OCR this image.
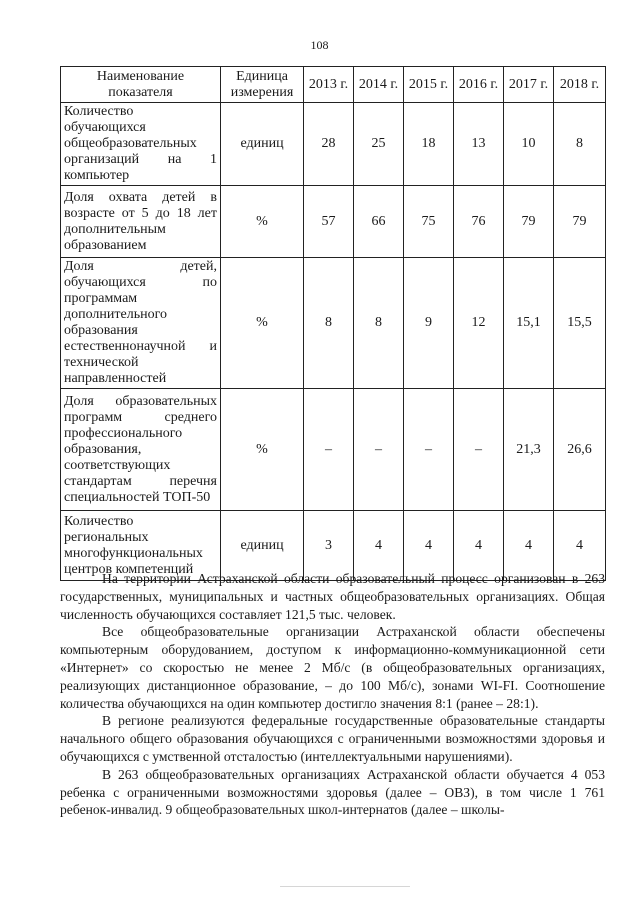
108
Наименование показателя	Единица измерения	2013 г.	2014 г.	2015 г.	2016 г.	2017 г.	2018 г.
Количество обучающихся общеобразовательных организаций на 1 компьютер	единиц	28	25	18	13	10	8
Доля охвата детей в возрасте от 5 до 18 лет дополнительным образованием	%	57	66	75	76	79	79
Доля детей, обучающихся по программам дополнительного образования естественнонаучной и технической направленностей	%	8	8	9	12	15,1	15,5
Доля образовательных программ среднего профессионального образования, соответствующих стандартам перечня специальностей ТОП-50	%	–	–	–	–	21,3	26,6
Количество региональных многофункциональных центров компетенций	единиц	3	4	4	4	4	4

На территории Астраханской области образовательный процесс организован в 263 государственных, муниципальных и частных общеобразовательных организациях. Общая численность обучающихся составляет 121,5 тыс. человек.

Все общеобразовательные организации Астраханской области обеспечены компьютерным оборудованием, доступом к информационно-коммуникационной сети «Интернет» со скоростью не менее 2 Мб/с (в общеобразовательных организациях, реализующих дистанционное образование, – до 100 Мб/с), зонами WI-FI. Соотношение количества обучающихся на один компьютер достигло значения 8:1 (ранее – 28:1).

В регионе реализуются федеральные государственные образовательные стандарты начального общего образования обучающихся с ограниченными возможностями здоровья и обучающихся с умственной отсталостью (интеллектуальными нарушениями).

В 263 общеобразовательных организациях Астраханской области обучается 4 053 ребенка с ограниченными возможностями здоровья (далее – ОВЗ), в том числе 1 761 ребенок-инвалид. 9 общеобразовательных школ-интернатов (далее – школы-
